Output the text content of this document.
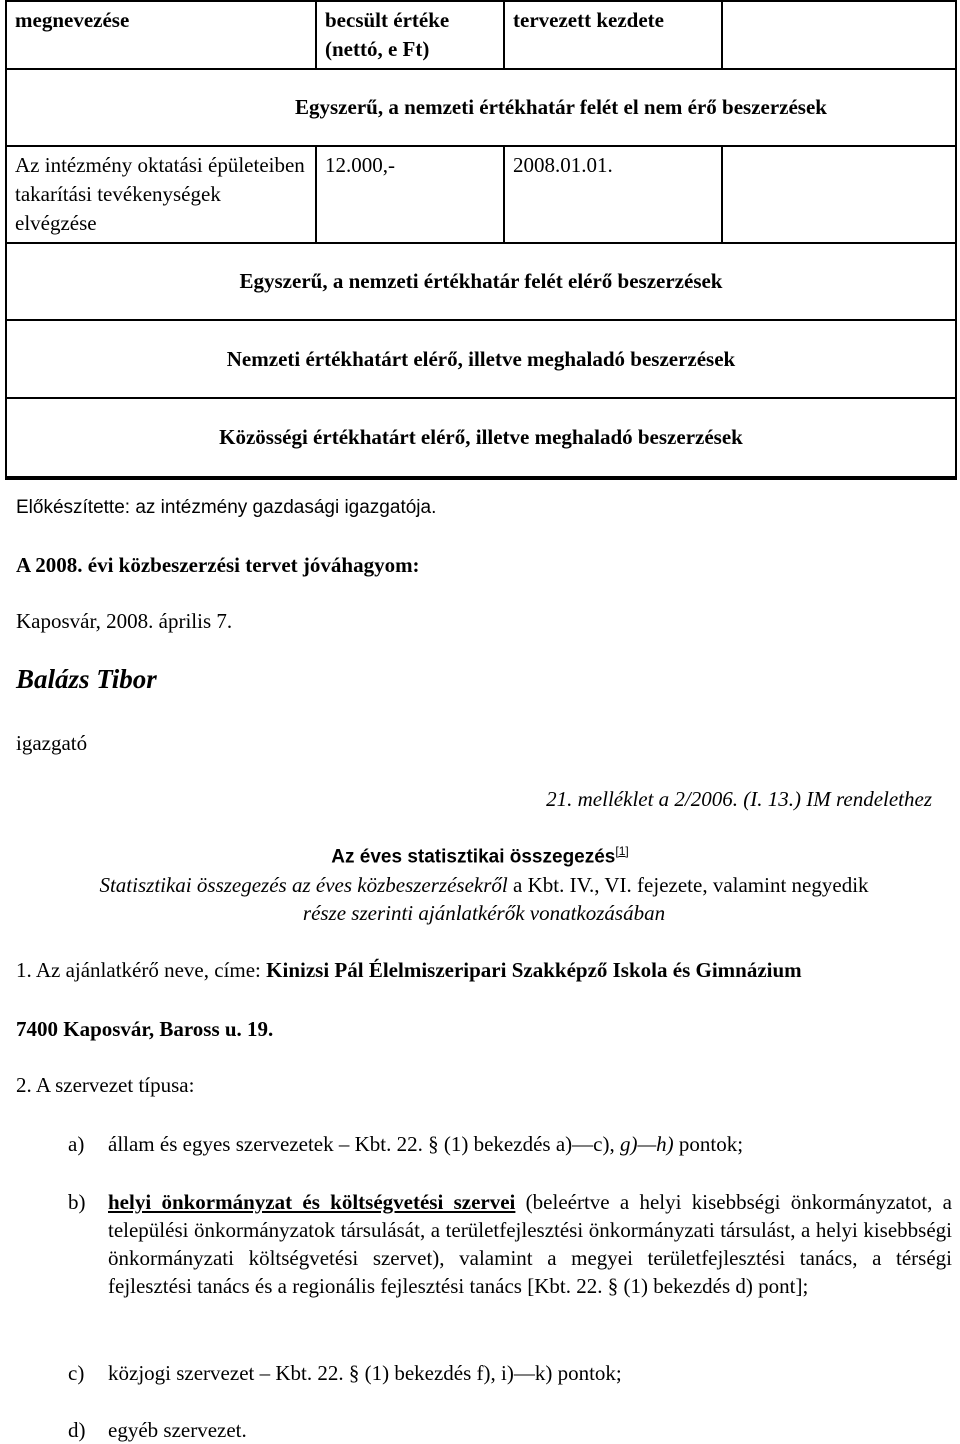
megnevezése	becsült értéke (nettó, e Ft)	tervezett kezdete	
Egyszerű, a nemzeti értékhatár felét el nem érő beszerzések			
Az intézmény oktatási épületeiben takarítási tevékenységek elvégzése	12.000,-	2008.01.01.	
Egyszerű, a nemzeti értékhatár felét elérő beszerzések			
Nemzeti értékhatárt elérő, illetve meghaladó beszerzések			
Közösségi értékhatárt elérő, illetve meghaladó beszerzések			
Előkészítette: az intézmény gazdasági igazgatója.
A 2008. évi közbeszerzési tervet jóváhagyom:
Kaposvár, 2008. április 7.
Balázs Tibor
igazgató
21. melléklet a 2/2006. (I. 13.) IM rendelethez
Az éves statisztikai összegezés[1]
Statisztikai összegezés az éves közbeszerzésekről a Kbt. IV., VI. fejezete, valamint negyedik
része szerinti ajánlatkérők vonatkozásában
1. Az ajánlatkérő neve, címe: Kinizsi Pál Élelmiszeripari Szakképző Iskola és Gimnázium
7400 Kaposvár, Baross u. 19.
2. A szervezet típusa:
a) állam és egyes szervezetek – Kbt. 22. § (1) bekezdés a)—c), g)—h) pontok;
b)	helyi önkormányzat és költségvetési szervei (beleértve a helyi kisebbségi önkormányzatot, a települési önkormányzatok társulását, a területfejlesztési önkormányzati társulást, a helyi kisebbségi önkormányzati költségvetési szervet), valamint a megyei területfejlesztési tanács, a térségi fejlesztési tanács és a regionális fejlesztési tanács [Kbt. 22. § (1) bekezdés d) pont];
c) közjogi szervezet – Kbt. 22. § (1) bekezdés f), i)—k) pontok;
d) egyéb szervezet.
